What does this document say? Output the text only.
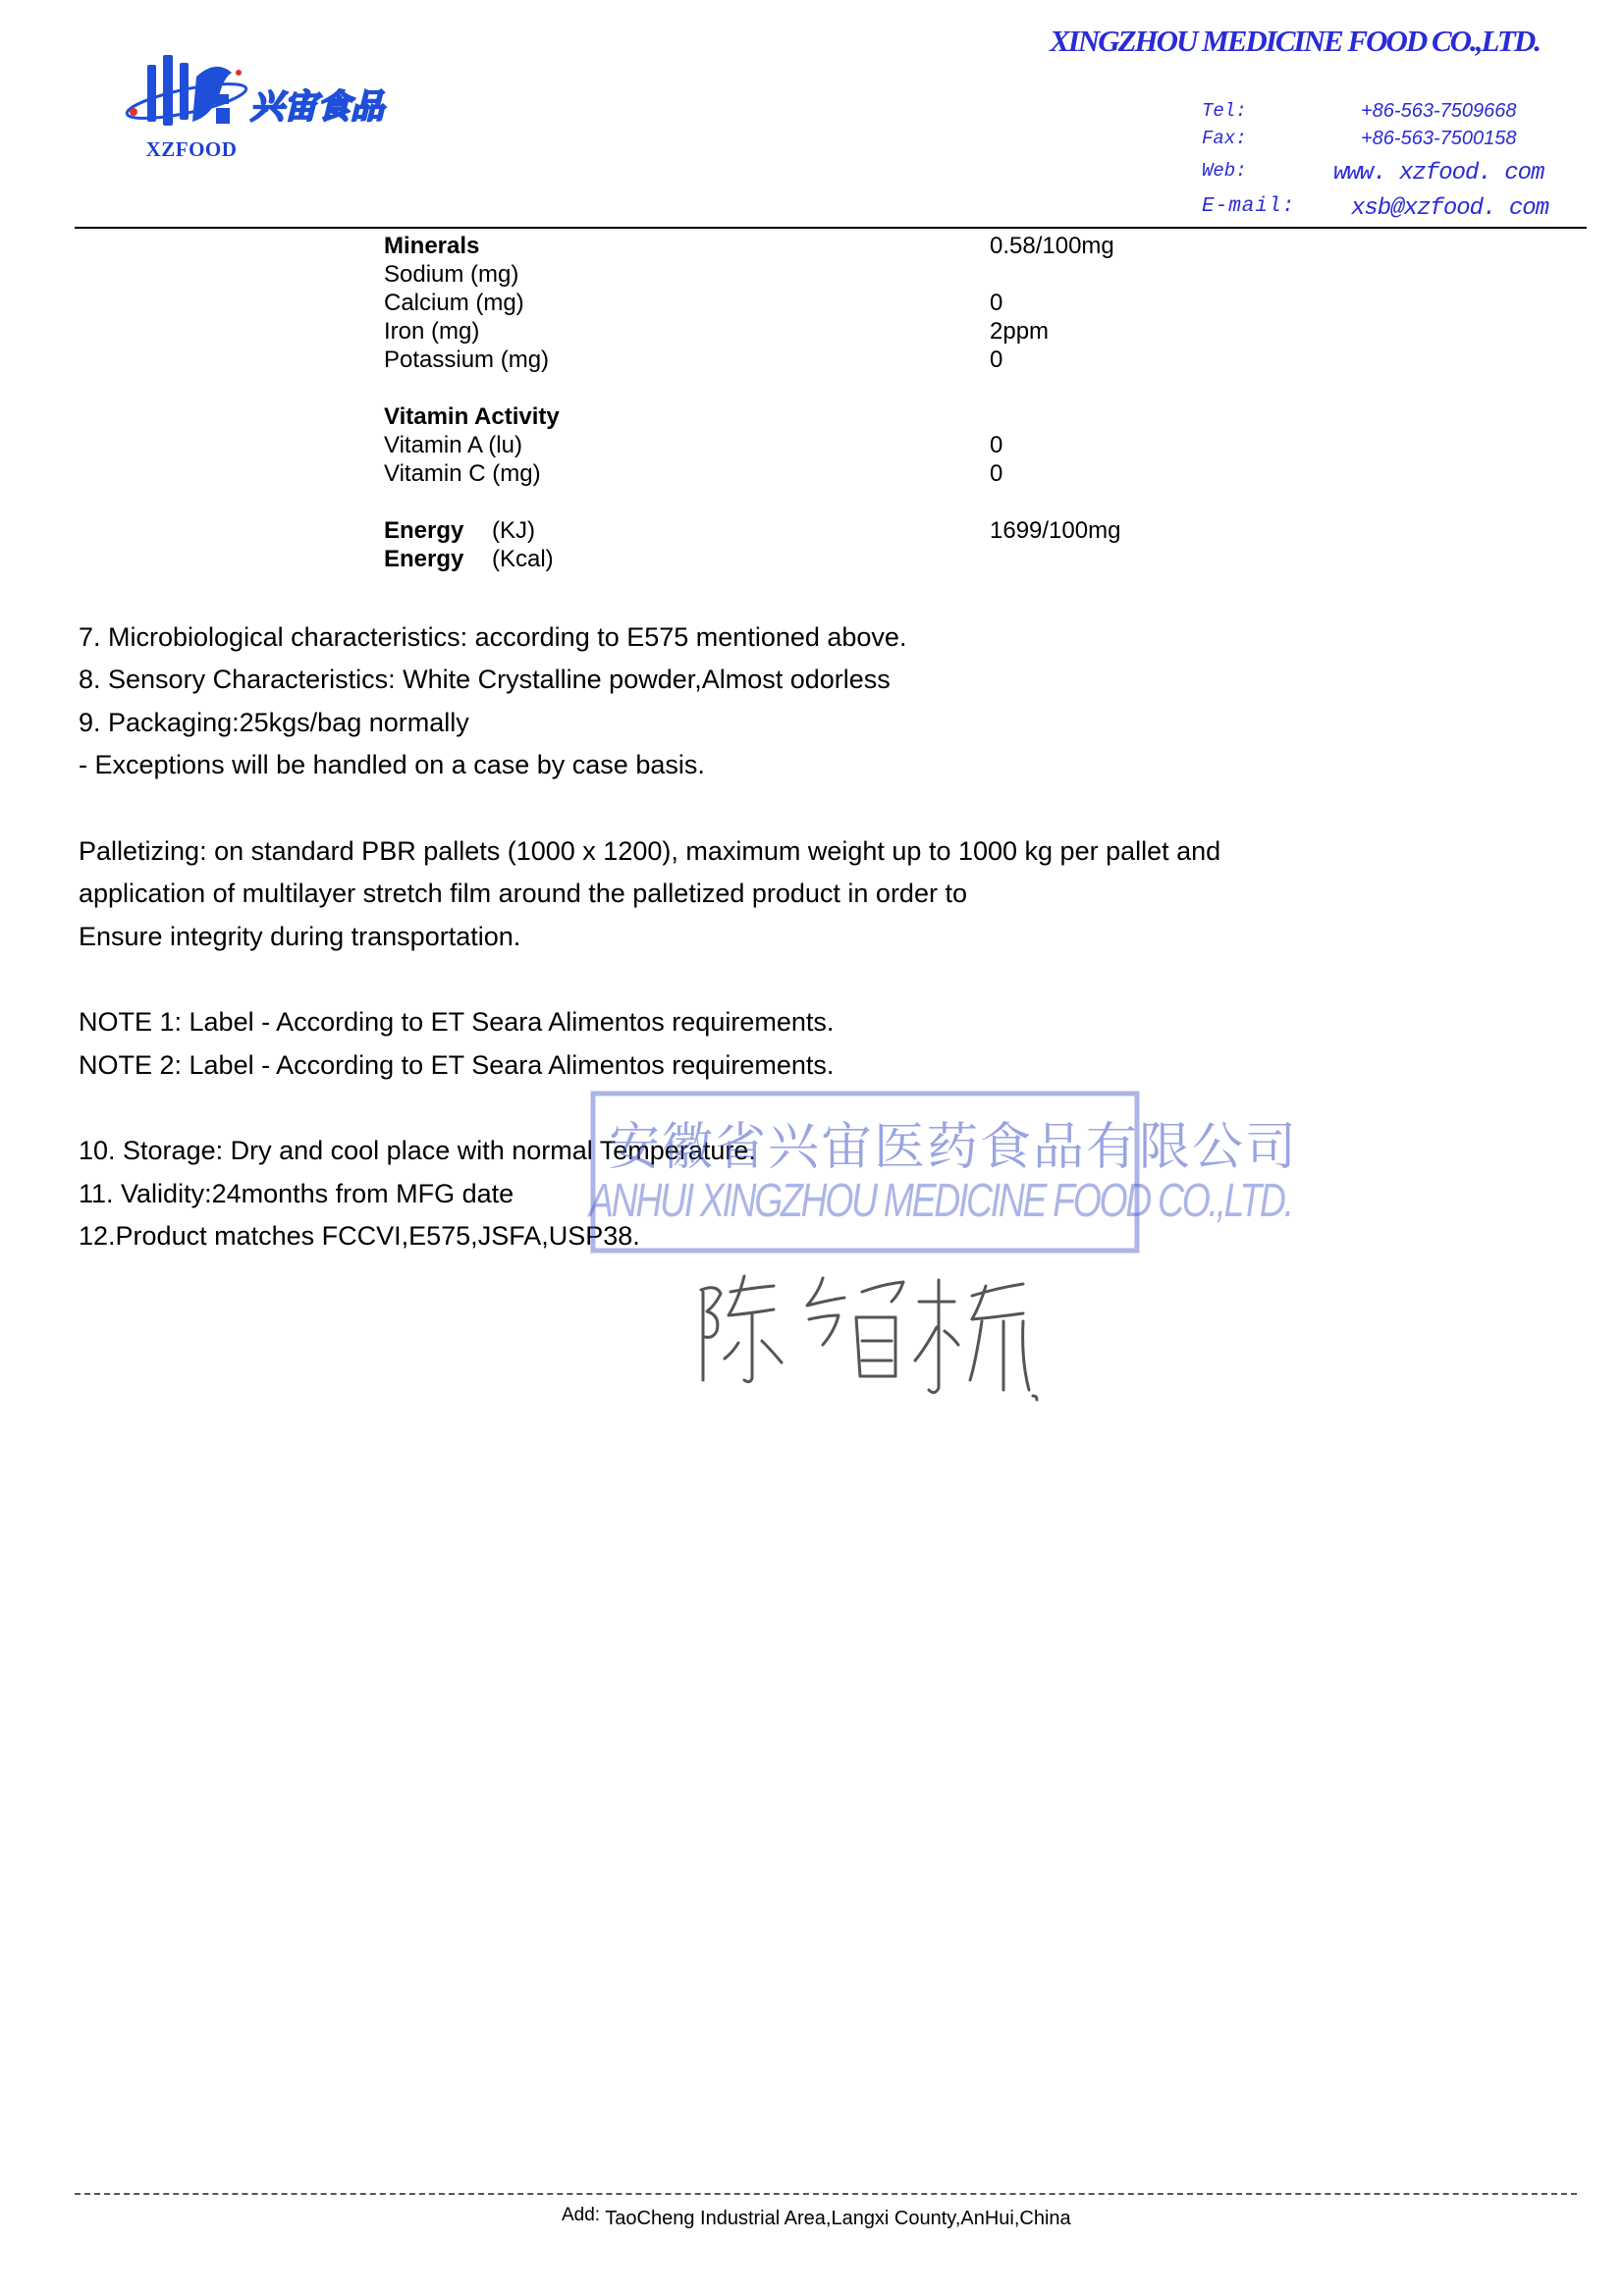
XINGZHOU MEDICINE FOOD CO.,LTD.
兴宙食品
XZFOOD
Tel:	+86-563-7509668
Fax:	+86-563-7500158
Web:	www. xzfood. com
E-mail: xsb@xzfood. com
Minerals	0.58/100mg
Sodium (mg)
Calcium (mg)	0
Iron (mg)	2ppm
Potassium (mg)	0
Vitamin Activity
Vitamin A (lu)	0
Vitamin C (mg)	0
Energy (KJ)	1699/100mg
Energy (Kcal)
7. Microbiological characteristics: according to E575 mentioned above.
8. Sensory Characteristics: White Crystalline powder,Almost odorless
9. Packaging:25kgs/bag normally
- Exceptions will be handled on a case by case basis.
Palletizing: on standard PBR pallets (1000 x 1200), maximum weight up to 1000 kg per pallet and
application of multilayer stretch film around the palletized product in order to
Ensure integrity during transportation.
NOTE 1: Label - According to ET Seara Alimentos requirements.
NOTE 2: Label - According to ET Seara Alimentos requirements.
10. Storage: Dry and cool place with normal Temperature.
11. Validity:24months from MFG date
12.Product matches FCCVI,E575,JSFA,USP38.
安徽省兴宙医药食品有限公司
ANHUI XINGZHOU MEDICINE FOOD CO.,LTD.
Add: TaoCheng Industrial Area,Langxi County,AnHui,China
